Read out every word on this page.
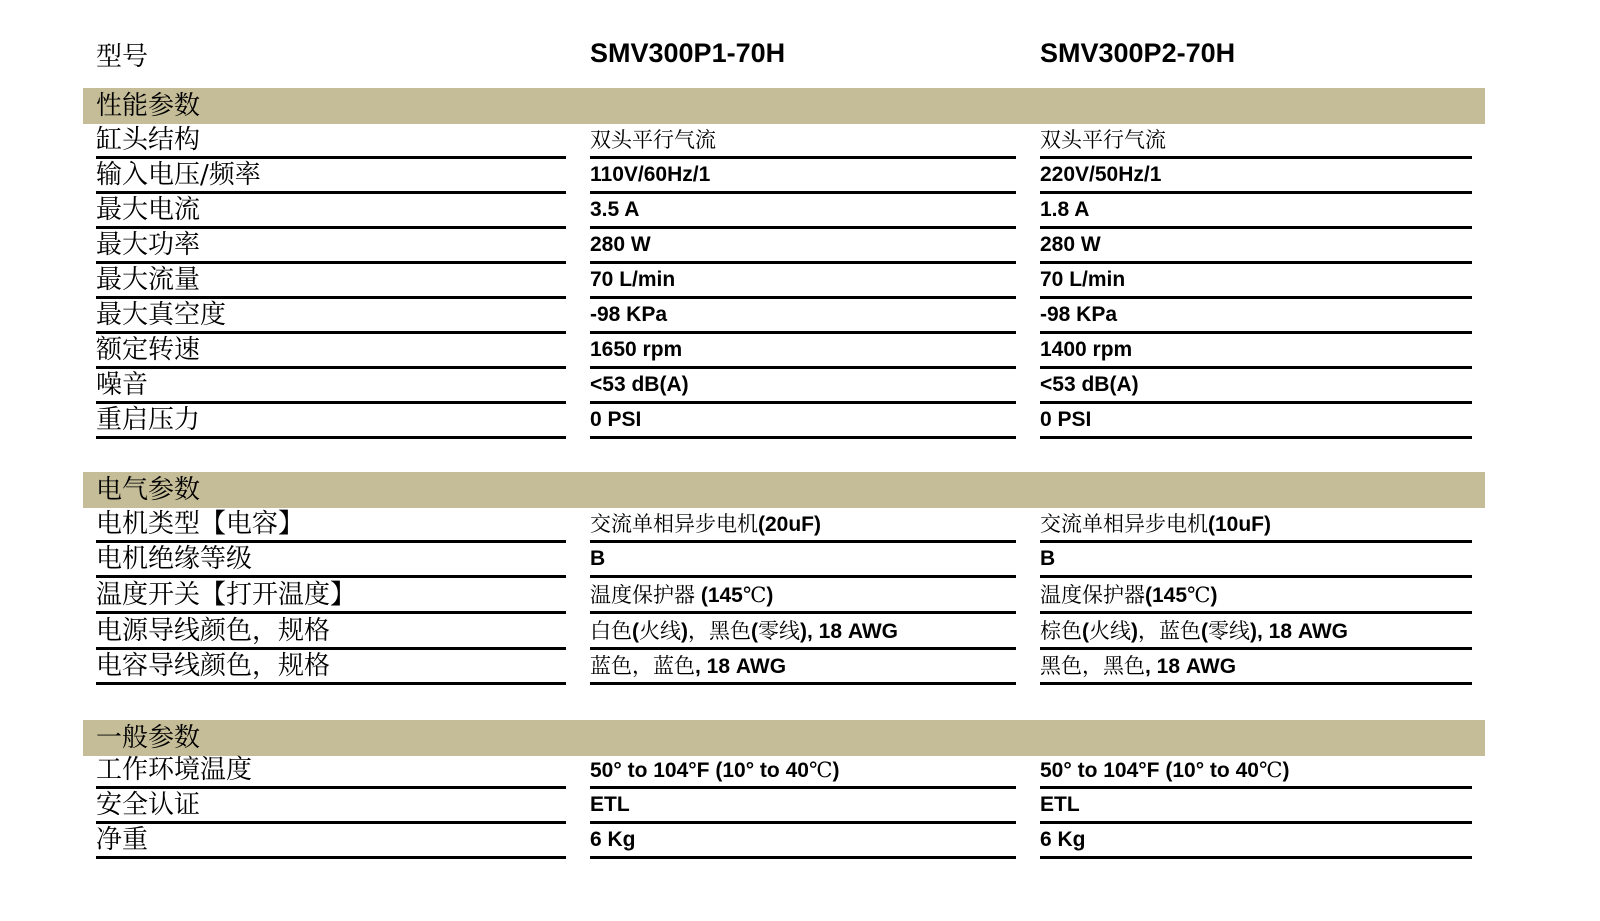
型号	SMV300P1-70H	SMV300P2-70H
性能参数
缸头结构	双头平行气流	双头平行气流
输入电压/频率	110V/60Hz/1	220V/50Hz/1
最大电流	3.5 A	1.8 A
最大功率	280 W	280 W
最大流量	70 L/min	70 L/min
最大真空度	-98 KPa	-98 KPa
额定转速	1650 rpm	1400 rpm
噪音	<53 dB(A)	<53 dB(A)
重启压力	0 PSI	0 PSI
电气参数
电机类型【电容】	交流单相异步电机(20uF)	交流单相异步电机(10uF)
电机绝缘等级	B	B
温度开关【打开温度】	温度保护器 (145℃)	温度保护器(145℃)
电源导线颜色，规格	白色(火线)，黑色(零线), 18 AWG	棕色(火线)，蓝色(零线), 18 AWG
电容导线颜色，规格	蓝色，蓝色, 18 AWG	黑色，黑色, 18 AWG
一般参数
工作环境温度	50° to 104°F (10° to 40℃)	50° to 104°F (10° to 40℃)
安全认证	ETL	ETL
净重	6 Kg	6 Kg
